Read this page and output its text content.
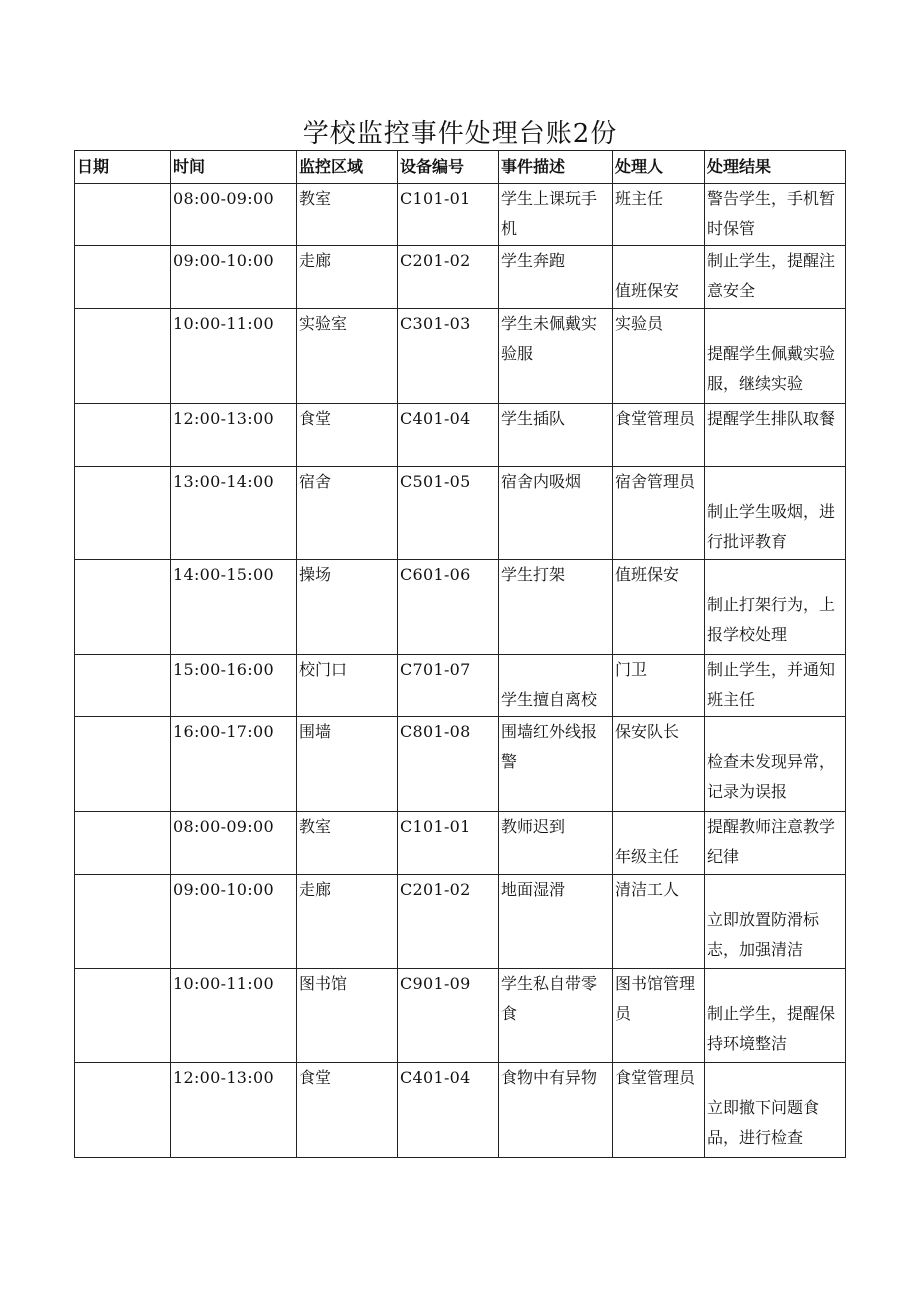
学校监控事件处理台账2份
日期	时间	监控区域	设备编号	事件描述	处理人	处理结果

	08:00-09:00	教室	C101-01	学生上课玩手机	班主任	警告学生，手机暂时保管

	09:00-10:00	走廊	C201-02	学生奔跑	值班保安	制止学生，提醒注意安全

	10:00-11:00	实验室	C301-03	学生未佩戴实验服	实验员	提醒学生佩戴实验服，继续实验

	12:00-13:00	食堂	C401-04	学生插队	食堂管理员	提醒学生排队取餐

	13:00-14:00	宿舍	C501-05	宿舍内吸烟	宿舍管理员	制止学生吸烟，进行批评教育

	14:00-15:00	操场	C601-06	学生打架	值班保安	制止打架行为，上报学校处理

	15:00-16:00	校门口	C701-07	学生擅自离校	门卫	制止学生，并通知班主任

	16:00-17:00	围墙	C801-08	围墙红外线报警	保安队长	检查未发现异常，记录为误报

	08:00-09:00	教室	C101-01	教师迟到	年级主任	提醒教师注意教学纪律

	09:00-10:00	走廊	C201-02	地面湿滑	清洁工人	立即放置防滑标志，加强清洁

	10:00-11:00	图书馆	C901-09	学生私自带零食	图书馆管理员	制止学生，提醒保持环境整洁

	12:00-13:00	食堂	C401-04	食物中有异物	食堂管理员	立即撤下问题食品，进行检查
